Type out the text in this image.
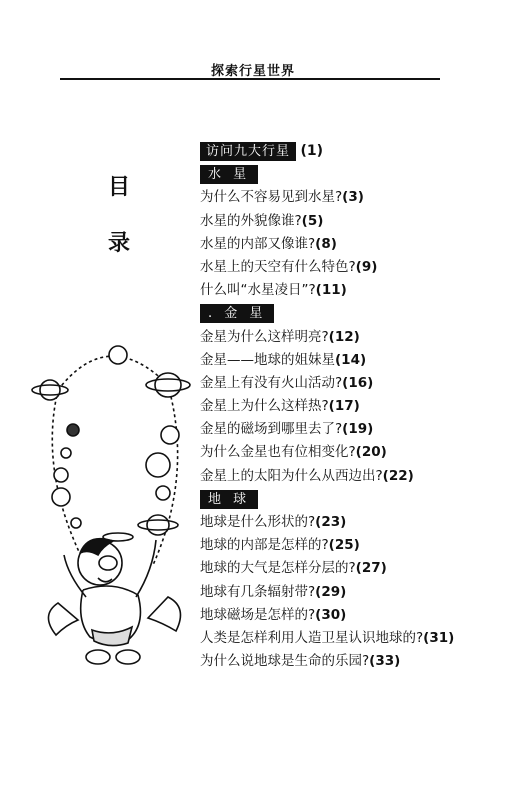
探索行星世界
目
录
访问九大行星 (1)
水 星
为什么不容易见到水星?(3)
水星的外貌像谁?(5)
水星的内部又像谁?(8)
水星上的天空有什么特色?(9)
什么叫“水星凌日”?(11)
. 金 星
金星为什么这样明亮?(12)
金星——地球的姐妹星(14)
金星上有没有火山活动?(16)
金星上为什么这样热?(17)
金星的磁场到哪里去了?(19)
为什么金星也有位相变化?(20)
金星上的太阳为什么从西边出?(22)
地 球
地球是什么形状的?(23)
地球的内部是怎样的?(25)
地球的大气是怎样分层的?(27)
地球有几条辐射带?(29)
地球磁场是怎样的?(30)
人类是怎样利用人造卫星认识地球的?(31)
为什么说地球是生命的乐园?(33)
